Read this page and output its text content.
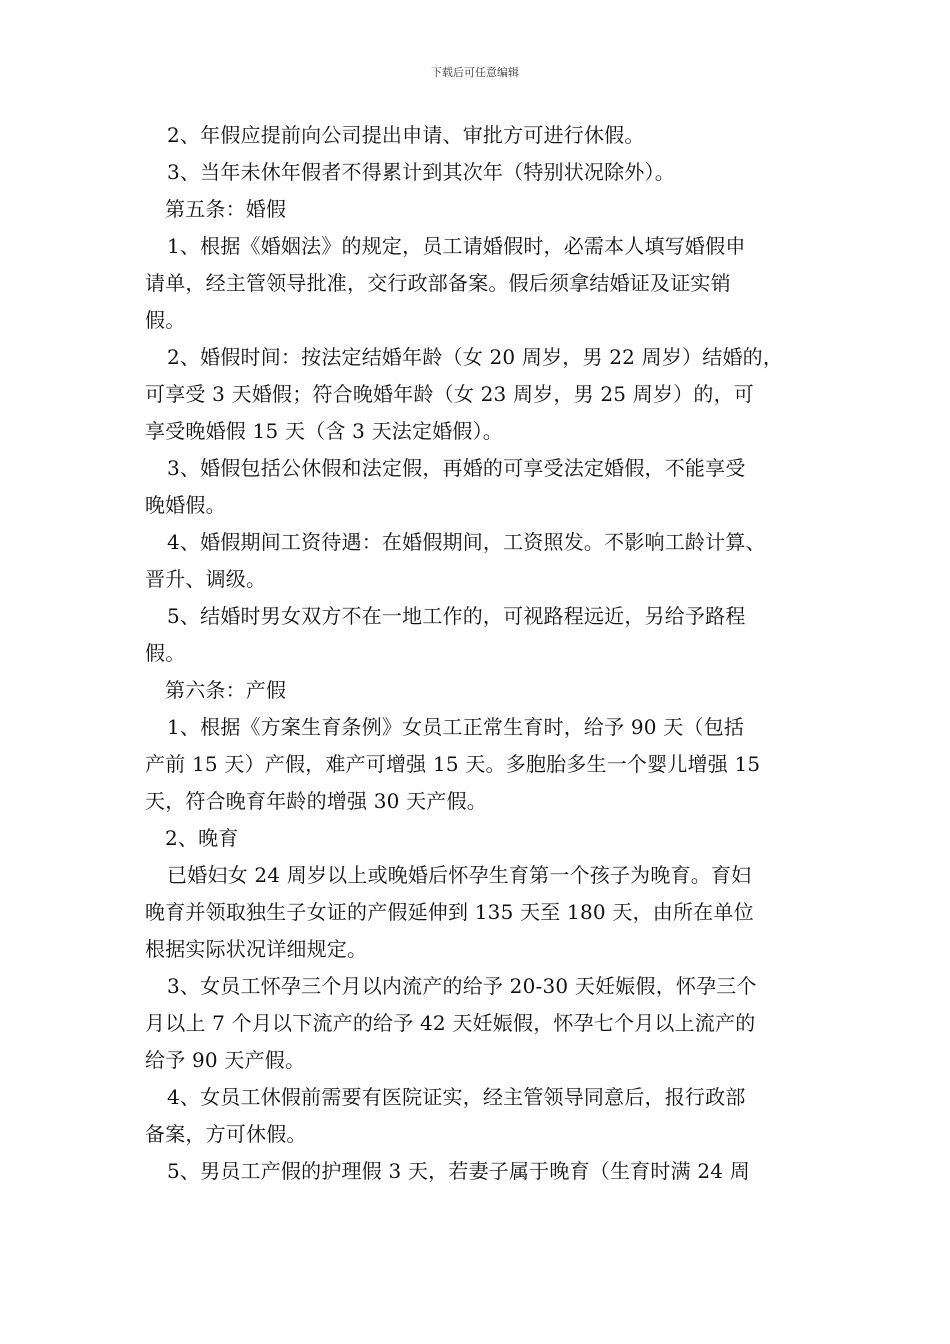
下载后可任意编辑

2、年假应提前向公司提出申请、审批方可进行休假。

3、当年未休年假者不得累计到其次年（特别状况除外）。

第五条：婚假

1、根据《婚姻法》的规定，员工请婚假时，必需本人填写婚假申
请单，经主管领导批准，交行政部备案。假后须拿结婚证及证实销
假。

2、婚假时间：按法定结婚年龄（女 20 周岁，男 22 周岁）结婚的，
可享受 3 天婚假；符合晚婚年龄（女 23 周岁，男 25 周岁）的，可
享受晚婚假 15 天（含 3 天法定婚假）。

3、婚假包括公休假和法定假，再婚的可享受法定婚假，不能享受
晚婚假。

4、婚假期间工资待遇：在婚假期间，工资照发。不影响工龄计算、
晋升、调级。

5、结婚时男女双方不在一地工作的，可视路程远近，另给予路程
假。

第六条：产假

1、根据《方案生育条例》女员工正常生育时，给予 90 天（包括
产前 15 天）产假，难产可增强 15 天。多胞胎多生一个婴儿增强 15
天，符合晚育年龄的增强 30 天产假。

2、晚育

已婚妇女 24 周岁以上或晚婚后怀孕生育第一个孩子为晚育。育妇
晚育并领取独生子女证的产假延伸到 135 天至 180 天，由所在单位
根据实际状况详细规定。

3、女员工怀孕三个月以内流产的给予 20-30 天妊娠假，怀孕三个
月以上 7 个月以下流产的给予 42 天妊娠假，怀孕七个月以上流产的
给予 90 天产假。

4、女员工休假前需要有医院证实，经主管领导同意后，报行政部
备案，方可休假。

5、男员工产假的护理假 3 天，若妻子属于晚育（生育时满 24 周
